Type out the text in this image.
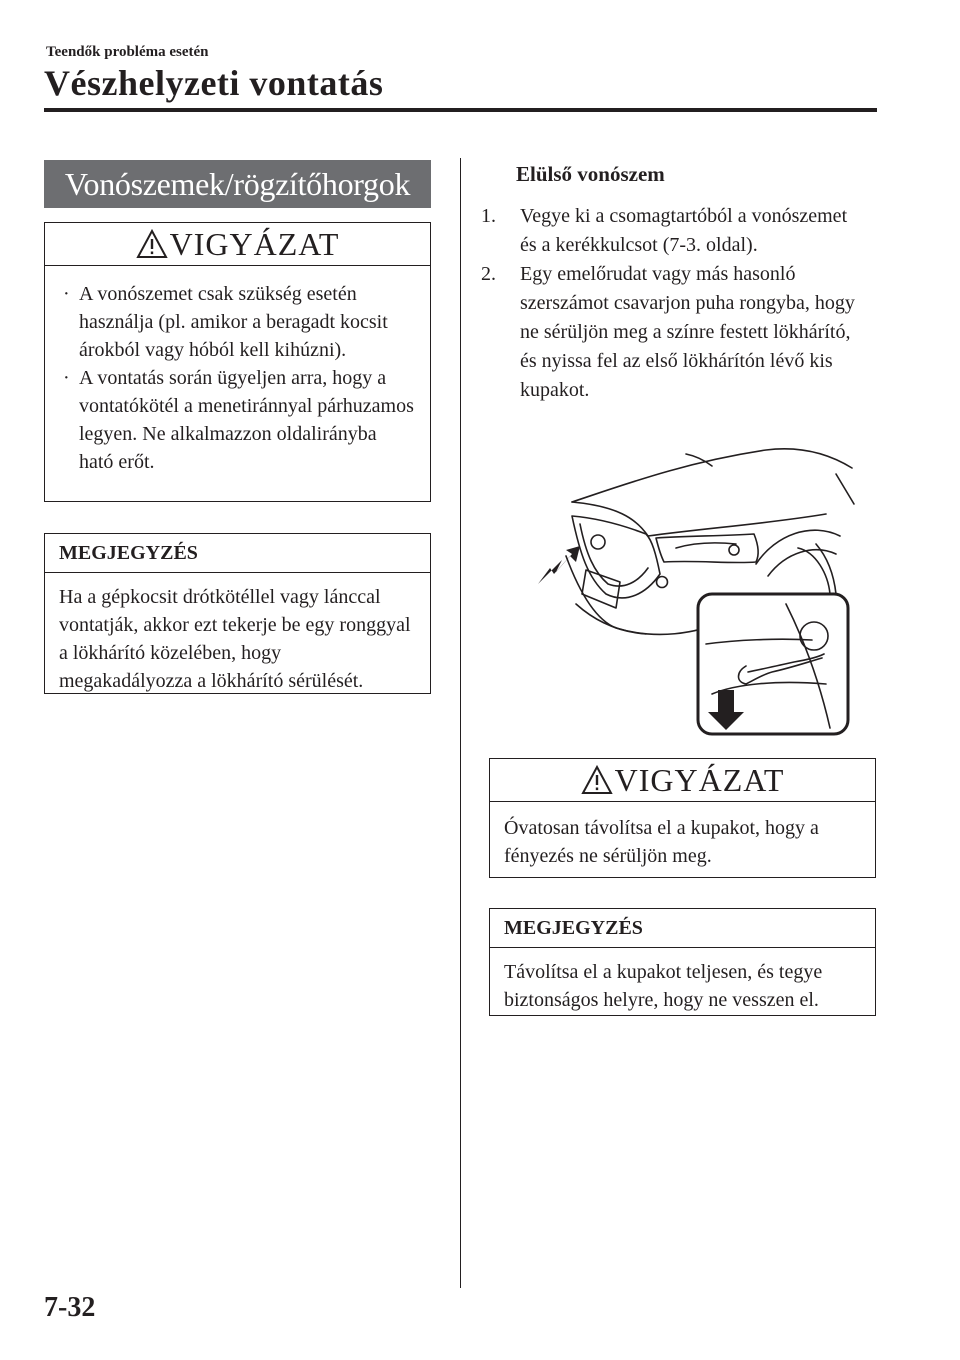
Teendők probléma esetén
Vészhelyzeti vontatás
Vonószemek/rögzítőhorgok
VIGYÁZAT
· A vonószemet csak szükség esetén használja (pl. amikor a beragadt kocsit árokból vagy hóból kell kihúzni).
· A vontatás során ügyeljen arra, hogy a vontatókötél a menetiránnyal párhuzamos legyen. Ne alkalmazzon oldalirányba ható erőt.
MEGJEGYZÉS
Ha a gépkocsit drótkötéllel vagy lánccal vontatják, akkor ezt tekerje be egy ronggyal a lökhárító közelében, hogy megakadályozza a lökhárító sérülését.
Elülső vonószem
1. Vegye ki a csomagtartóból a vonószemet és a kerékkulcsot (7-3. oldal).
2. Egy emelőrudat vagy más hasonló szerszámot csavarjon puha rongyba, hogy ne sérüljön meg a színre festett lökhárító, és nyissa fel az első lökhárítón lévő kis kupakot.
VIGYÁZAT
Óvatosan távolítsa el a kupakot, hogy a fényezés ne sérüljön meg.
MEGJEGYZÉS
Távolítsa el a kupakot teljesen, és tegye biztonságos helyre, hogy ne vesszen el.
7-32
